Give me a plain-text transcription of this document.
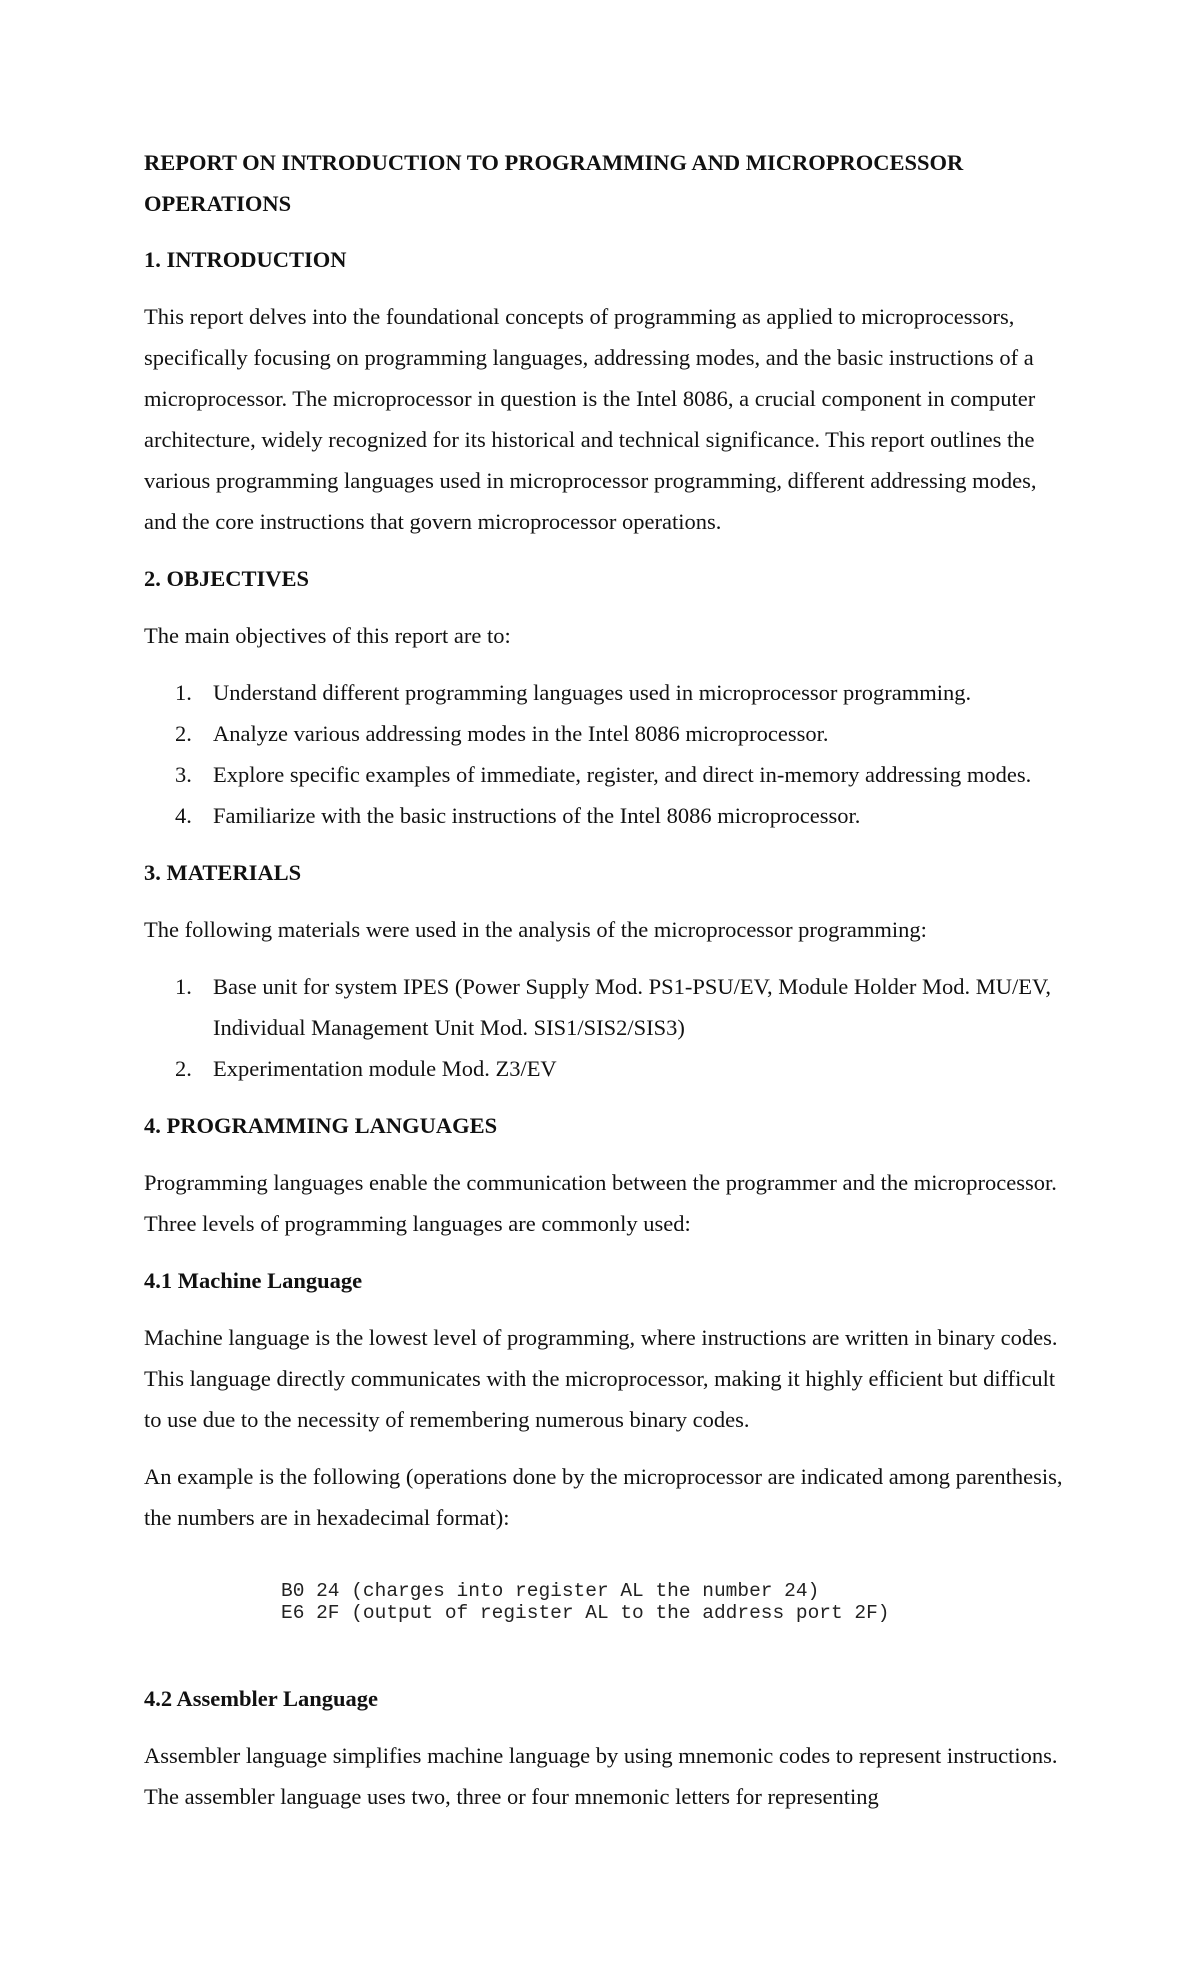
REPORT ON INTRODUCTION TO PROGRAMMING AND MICROPROCESSOR OPERATIONS
1. INTRODUCTION

This report delves into the foundational concepts of programming as applied to microprocessors, specifically focusing on programming languages, addressing modes, and the basic instructions of a microprocessor. The microprocessor in question is the Intel 8086, a crucial component in computer architecture, widely recognized for its historical and technical significance. This report outlines the various programming languages used in microprocessor programming, different addressing modes, and the core instructions that govern microprocessor operations.

2. OBJECTIVES

The main objectives of this report are to:

1. Understand different programming languages used in microprocessor programming.
2. Analyze various addressing modes in the Intel 8086 microprocessor.
3. Explore specific examples of immediate, register, and direct in-memory addressing modes.
4. Familiarize with the basic instructions of the Intel 8086 microprocessor.
3. MATERIALS

The following materials were used in the analysis of the microprocessor programming:

1. Base unit for system IPES (Power Supply Mod. PS1-PSU/EV, Module Holder Mod. MU/EV, Individual Management Unit Mod. SIS1/SIS2/SIS3)
2. Experimentation module Mod. Z3/EV
4. PROGRAMMING LANGUAGES

Programming languages enable the communication between the programmer and the microprocessor. Three levels of programming languages are commonly used:

4.1 Machine Language

Machine language is the lowest level of programming, where instructions are written in binary codes. This language directly communicates with the microprocessor, making it highly efficient but difficult to use due to the necessity of remembering numerous binary codes.

An example is the following (operations done by the microprocessor are indicated among parenthesis, the numbers are in hexadecimal format):

B0 24 (charges into register AL the number 24)
E6 2F (output of register AL to the address port 2F)
4.2 Assembler Language

Assembler language simplifies machine language by using mnemonic codes to represent instructions. The assembler language uses two, three or four mnemonic letters for representing
